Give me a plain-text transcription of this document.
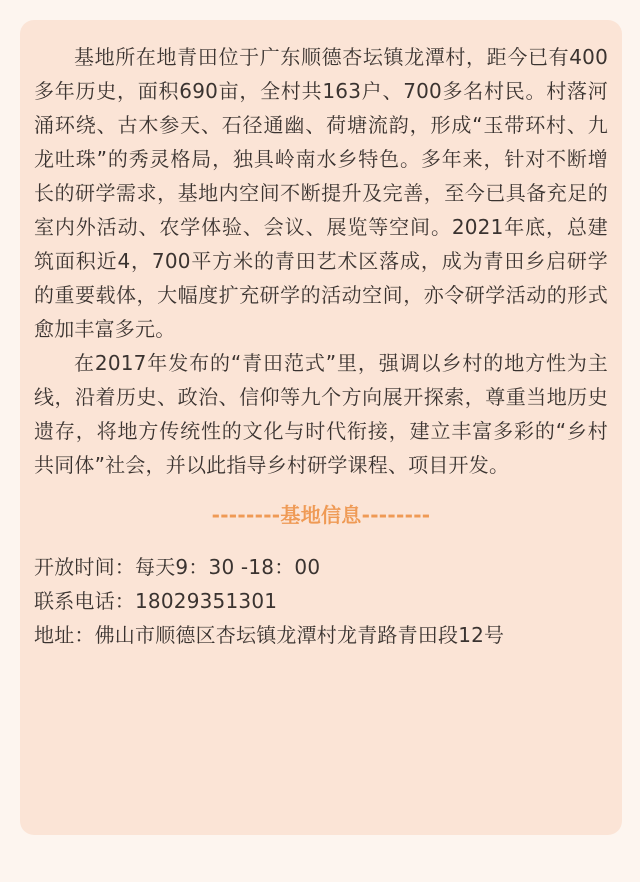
基地所在地青田位于广东顺德杏坛镇龙潭村，距今已有400多年历史，面积690亩，全村共163户、700多名村民。村落河涌环绕、古木参天、石径通幽、荷塘流韵，形成“玉带环村、九龙吐珠”的秀灵格局，独具岭南水乡特色。多年来，针对不断增长的研学需求，基地内空间不断提升及完善，至今已具备充足的室内外活动、农学体验、会议、展览等空间。2021年底，总建筑面积近4，700平方米的青田艺术区落成，成为青田乡启研学的重要载体，大幅度扩充研学的活动空间，亦令研学活动的形式愈加丰富多元。

在2017年发布的“青田范式”里，强调以乡村的地方性为主线，沿着历史、政治、信仰等九个方向展开探索，尊重当地历史遗存，将地方传统性的文化与时代衔接，建立丰富多彩的“乡村共同体”社会，并以此指导乡村研学课程、项目开发。

--------基地信息--------
开放时间：每天9：30 -18：00
联系电话：18029351301
地址：佛山市顺德区杏坛镇龙潭村龙青路青田段12号
